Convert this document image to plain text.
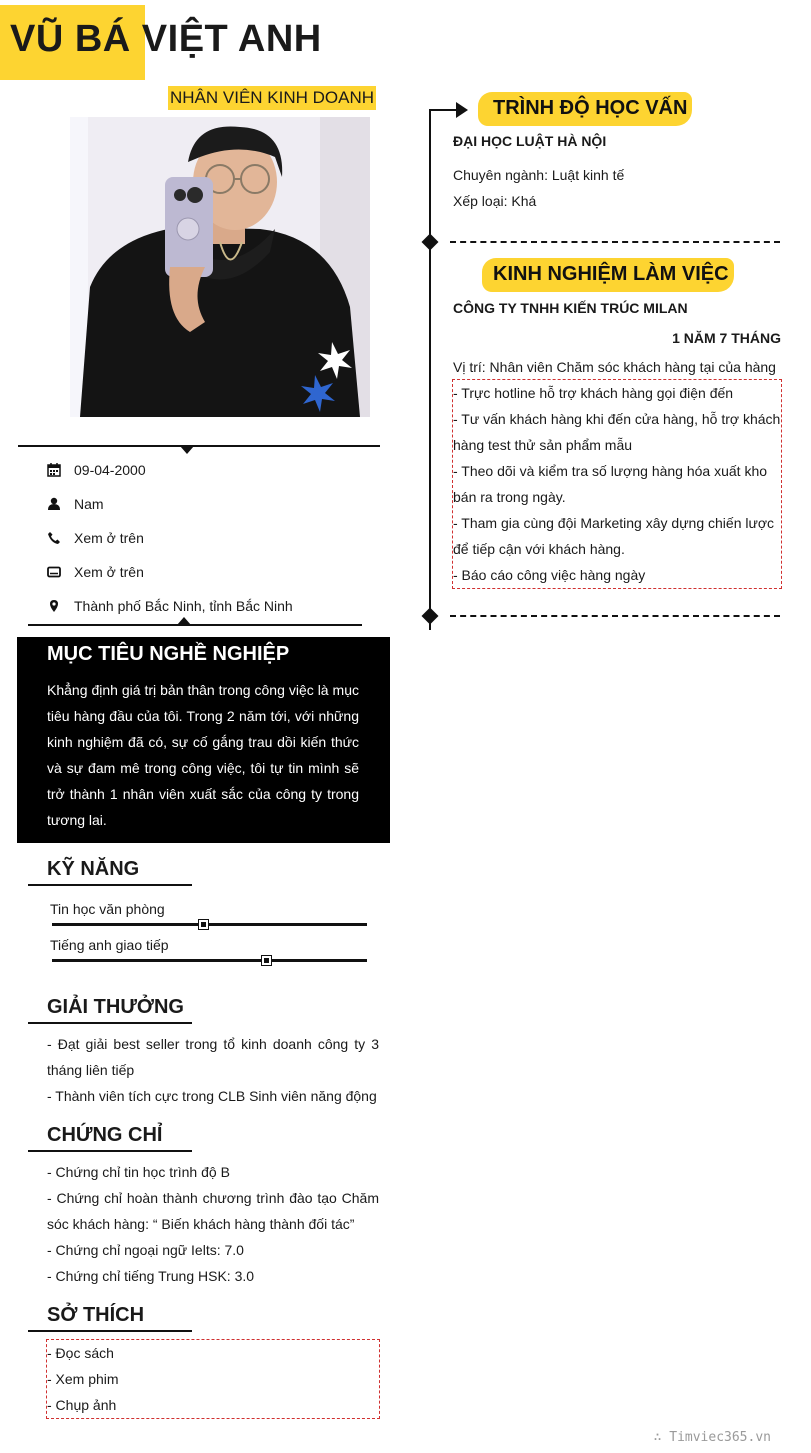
VŨ BÁ VIỆT ANH
NHÂN VIÊN KINH DOANH
09-04-2000
Nam
Xem ở trên
Xem ở trên
Thành phố Bắc Ninh, tỉnh Bắc Ninh
MỤC TIÊU NGHỀ NGHIỆP
Khẳng định giá trị bản thân trong công việc là mục tiêu hàng đầu của tôi. Trong 2 năm tới, với những kinh nghiệm đã có, sự cố gắng trau dồi kiến thức và sự đam mê trong công việc, tôi tự tin mình sẽ trở thành 1 nhân viên xuất sắc của công ty trong tương lai.
KỸ NĂNG
Tin học văn phòng
Tiếng anh giao tiếp
GIẢI THƯỞNG
- Đạt giải best seller trong tổ kinh doanh công ty 3 tháng liên tiếp
- Thành viên tích cực trong CLB Sinh viên năng động
CHỨNG CHỈ
- Chứng chỉ tin học trình độ B
- Chứng chỉ hoàn thành chương trình đào tạo Chăm sóc khách hàng: “ Biến khách hàng thành đối tác”
- Chứng chỉ ngoại ngữ Ielts: 7.0
- Chứng chỉ tiếng Trung HSK: 3.0
SỞ THÍCH
- Đọc sách
- Xem phim
- Chụp ảnh
TRÌNH ĐỘ HỌC VẤN
ĐẠI HỌC LUẬT HÀ NỘI
Chuyên ngành: Luật kinh tế
Xếp loại: Khá
KINH NGHIỆM LÀM VIỆC
CÔNG TY TNHH KIẾN TRÚC MILAN
1 NĂM 7 THÁNG
Vị trí: Nhân viên Chăm sóc khách hàng tại của hàng
- Trực hotline hỗ trợ khách hàng gọi điện đến
- Tư vấn khách hàng khi đến cửa hàng, hỗ trợ khách hàng test thử sản phẩm mẫu
- Theo dõi và kiểm tra số lượng hàng hóa xuất kho bán ra trong ngày.
- Tham gia cùng đội Marketing xây dựng chiến lược để tiếp cận với khách hàng.
- Báo cáo công việc hàng ngày
∴ Timviec365.vn
